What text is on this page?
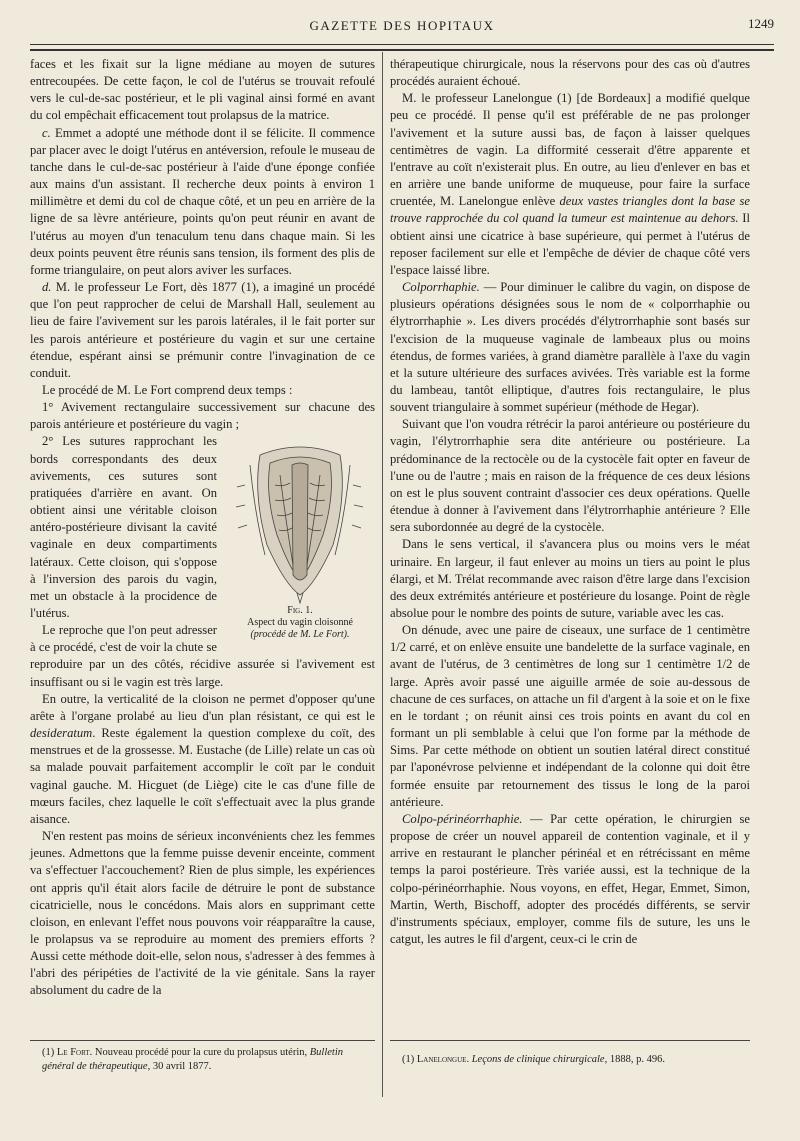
GAZETTE DES HOPITAUX	1249

faces et les fixait sur la ligne médiane au moyen de sutures entrecoupées. De cette façon, le col de l'utérus se trouvait refoulé vers le cul-de-sac postérieur, et le pli vaginal ainsi formé en avant du col empêchait efficacement tout prolapsus de la matrice.

c. Emmet a adopté une méthode dont il se félicite. Il commence par placer avec le doigt l'utérus en antéversion, refoule le museau de tanche dans le cul-de-sac postérieur à l'aide d'une éponge confiée aux mains d'un assistant. Il recherche deux points à environ 1 millimètre et demi du col de chaque côté, et un peu en arrière de la ligne de sa lèvre antérieure, points qu'on peut réunir en avant de l'utérus au moyen d'un tenaculum tenu dans chaque main. Si les deux points peuvent être réunis sans tension, ils forment des plis de forme triangulaire, on peut alors aviver les surfaces.

d. M. le professeur Le Fort, dès 1877 (1), a imaginé un procédé que l'on peut rapprocher de celui de Marshall Hall, seulement au lieu de faire l'avivement sur les parois latérales, il le fait porter sur les parois antérieure et postérieure du vagin et sur une certaine étendue, espérant ainsi se prémunir contre l'invagination de ce conduit.

Le procédé de M. Le Fort comprend deux temps :

1° Avivement rectangulaire successivement sur chacune des parois antérieure et postérieure du vagin ;

Fig. 1.
Aspect du vagin cloisonné
(procédé de M. Le Fort).

2° Les sutures rapprochant les bords correspondants des deux avivements, ces sutures sont pratiquées d'arrière en avant. On obtient ainsi une véritable cloison antéro-postérieure divisant la cavité vaginale en deux compartiments latéraux. Cette cloison, qui s'oppose à l'inversion des parois du vagin, met un obstacle à la procidence de l'utérus.

Le reproche que l'on peut adresser à ce procédé, c'est de voir la chute se reproduire par un des côtés, récidive assurée si l'avivement est insuffisant ou si le vagin est très large.

En outre, la verticalité de la cloison ne permet d'opposer qu'une arête à l'organe prolabé au lieu d'un plan résistant, ce qui est le desideratum. Reste également la question complexe du coït, des menstrues et de la grossesse. M. Eustache (de Lille) relate un cas où sa malade pouvait parfaitement accomplir le coït par le conduit vaginal gauche. M. Hicguet (de Liège) cite le cas d'une fille de mœurs faciles, chez laquelle le coït s'effectuait avec la plus grande aisance.

N'en restent pas moins de sérieux inconvénients chez les femmes jeunes. Admettons que la femme puisse devenir enceinte, comment va s'effectuer l'accouchement? Rien de plus simple, les expériences ont appris qu'il était alors facile de détruire le pont de substance cicatricielle, nous le concédons. Mais alors en supprimant cette cloison, en enlevant l'effet nous pouvons voir réapparaître la cause, le prolapsus va se reproduire au moment des premiers efforts ? Aussi cette méthode doit-elle, selon nous, s'adresser à des femmes à l'abri des péripéties de l'activité de la vie génitale. Sans la rayer absolument du cadre de la

thérapeutique chirurgicale, nous la réservons pour des cas où d'autres procédés auraient échoué.

M. le professeur Lanelongue (1) [de Bordeaux] a modifié quelque peu ce procédé. Il pense qu'il est préférable de ne pas prolonger l'avivement et la suture aussi bas, de façon à laisser quelques centimètres de vagin. La difformité cesserait d'être apparente et l'entrave au coït n'existerait plus. En outre, au lieu d'enlever en bas et en arrière une bande uniforme de muqueuse, pour faire la surface cruentée, M. Lanelongue enlève deux vastes triangles dont la base se trouve rapprochée du col quand la tumeur est maintenue au dehors. Il obtient ainsi une cicatrice à base supérieure, qui permet à l'utérus de reposer facilement sur elle et l'empêche de dévier de chaque côté vers l'espace laissé libre.

Colporrhaphie. — Pour diminuer le calibre du vagin, on dispose de plusieurs opérations désignées sous le nom de « colporrhaphie ou élytrorrhaphie ». Les divers procédés d'élytrorrhaphie sont basés sur l'excision de la muqueuse vaginale de lambeaux plus ou moins étendus, de formes variées, à grand diamètre parallèle à l'axe du vagin et la suture ultérieure des surfaces avivées. Très variable est la forme du lambeau, tantôt elliptique, d'autres fois rectangulaire, le plus souvent triangulaire à sommet supérieur (méthode de Hegar).

Suivant que l'on voudra rétrécir la paroi antérieure ou postérieure du vagin, l'élytrorrhaphie sera dite antérieure ou postérieure. La prédominance de la rectocèle ou de la cystocèle fait opter en faveur de l'une ou de l'autre ; mais en raison de la fréquence de ces deux lésions on est le plus souvent contraint d'associer ces deux opérations. Quelle étendue à donner à l'avivement dans l'élytrorrhaphie antérieure ? Elle sera subordonnée au degré de la cystocèle.

Dans le sens vertical, il s'avancera plus ou moins vers le méat urinaire. En largeur, il faut enlever au moins un tiers au point le plus élargi, et M. Trélat recommande avec raison d'être large dans l'excision des deux extrémités antérieure et postérieure du losange. Point de règle absolue pour le nombre des points de suture, variable avec les cas.

On dénude, avec une paire de ciseaux, une surface de 1 centimètre 1/2 carré, et on enlève ensuite une bandelette de la surface vaginale, en avant de l'utérus, de 3 centimètres de long sur 1 centimètre 1/2 de large. Après avoir passé une aiguille armée de soie au-dessous de chacune de ces surfaces, on attache un fil d'argent à la soie et on le fixe en le tordant ; on réunit ainsi ces trois points en avant du col en formant un pli semblable à celui que l'on forme par la méthode de Sims. Par cette méthode on obtient un soutien latéral direct constitué par l'aponévrose pelvienne et indépendant de la colonne qui doit être formée ensuite par retournement des tissus le long de la paroi antérieure.

Colpo-périnéorrhaphie. — Par cette opération, le chirurgien se propose de créer un nouvel appareil de contention vaginale, et il y arrive en restaurant le plancher périnéal et en rétrécissant en même temps la paroi postérieure. Très variée aussi, est la technique de la colpo-périnéorrhaphie. Nous voyons, en effet, Hegar, Emmet, Simon, Martin, Werth, Bischoff, adopter des procédés différents, se servir d'instruments spéciaux, employer, comme fils de suture, les uns le catgut, les autres le fil d'argent, ceux-ci le crin de

(1) Le Fort. Nouveau procédé pour la cure du prolapsus utérin, Bulletin général de thérapeutique, 30 avril 1877.
(1) Lanelongue. Leçons de clinique chirurgicale, 1888, p. 496.
